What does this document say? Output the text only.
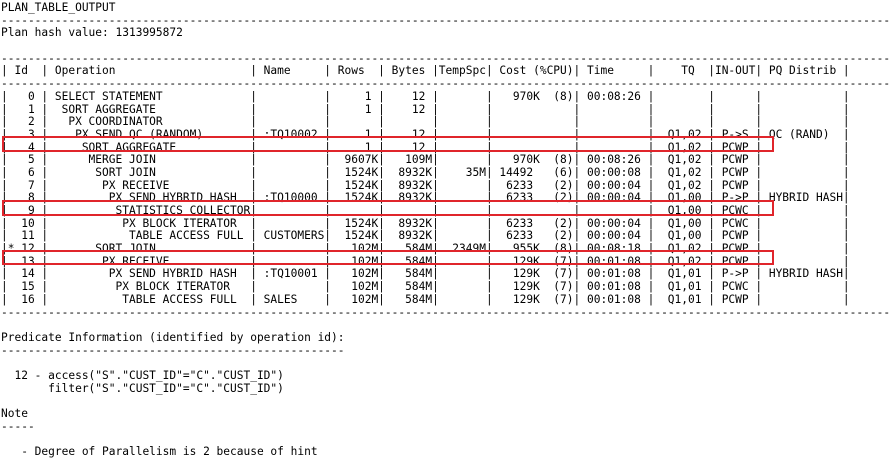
PLAN_TABLE_OUTPUT
------------------------------------------------------------------------------------------------------------------------------------
Plan hash value: 1313995872

------------------------------------------------------------------------------------------------------------------------------------
| Id  | Operation                    | Name     | Rows  | Bytes |TempSpc| Cost (%CPU)| Time     |    TQ  |IN-OUT| PQ Distrib |
------------------------------------------------------------------------------------------------------------------------------------
|   0 | SELECT STATEMENT             |          |     1 |    12 |       |   970K  (8)| 00:08:26 |        |      |            |
|   1 |  SORT AGGREGATE              |          |     1 |    12 |       |            |          |        |      |            |
|   2 |   PX COORDINATOR             |          |       |       |       |            |          |        |      |            |
|   3 |    PX SEND QC (RANDOM)       | :TQ10002 |     1 |    12 |       |            |          |  Q1,02 | P->S | QC (RAND)  |
|   4 |     SORT AGGREGATE           |          |     1 |    12 |       |            |          |  Q1,02 | PCWP |            |
|   5 |      MERGE JOIN              |          |  9607K|   109M|       |   970K  (8)| 00:08:26 |  Q1,02 | PCWP |            |
|   6 |       SORT JOIN              |          |  1524K|  8932K|    35M| 14492   (6)| 00:00:08 |  Q1,02 | PCWP |            |
|   7 |        PX RECEIVE            |          |  1524K|  8932K|       |  6233   (2)| 00:00:04 |  Q1,02 | PCWP |            |
|   8 |         PX SEND HYBRID HASH  | :TQ10000 |  1524K|  8932K|       |  6233   (2)| 00:00:04 |  Q1,00 | P->P | HYBRID HASH|
|   9 |          STATISTICS COLLECTOR|          |       |       |       |            |          |  Q1,00 | PCWC |            |
|  10 |           PX BLOCK ITERATOR  |          |  1524K|  8932K|       |  6233   (2)| 00:00:04 |  Q1,00 | PCWC |            |
|  11 |            TABLE ACCESS FULL | CUSTOMERS|  1524K|  8932K|       |  6233   (2)| 00:00:04 |  Q1,00 | PCWP |            |
|* 12 |       SORT JOIN              |          |   102M|   584M|  2349M|   955K  (8)| 00:08:18 |  Q1,02 | PCWP |            |
|  13 |        PX RECEIVE            |          |   102M|   584M|       |   129K  (7)| 00:01:08 |  Q1,02 | PCWP |            |
|  14 |         PX SEND HYBRID HASH  | :TQ10001 |   102M|   584M|       |   129K  (7)| 00:01:08 |  Q1,01 | P->P | HYBRID HASH|
|  15 |          PX BLOCK ITERATOR   |          |   102M|   584M|       |   129K  (7)| 00:01:08 |  Q1,01 | PCWC |            |
|  16 |           TABLE ACCESS FULL  | SALES    |   102M|   584M|       |   129K  (7)| 00:01:08 |  Q1,01 | PCWP |            |
------------------------------------------------------------------------------------------------------------------------------------

Predicate Information (identified by operation id):
---------------------------------------------------

12 - access("S"."CUST_ID"="C"."CUST_ID")
filter("S"."CUST_ID"="C"."CUST_ID")

Note
-----

- Degree of Parallelism is 2 because of hint
